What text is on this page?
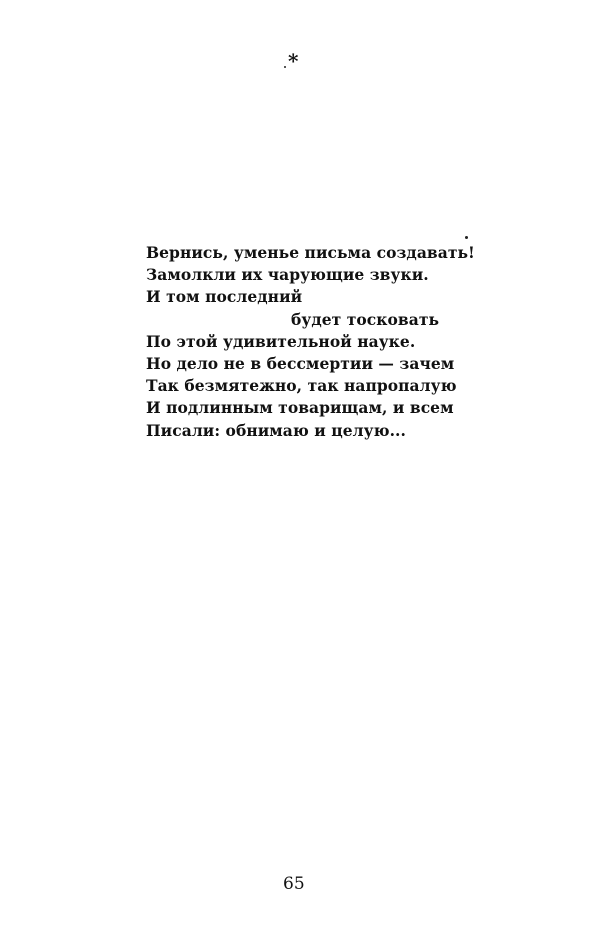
*
Вернись, уменье письма создавать!
Замолкли их чарующие звуки.
И том последний
будет тосковать
По этой удивительной науке.
Но дело не в бессмертии — зачем
Так безмятежно, так напропалую
И подлинным товарищам, и всем
Писали: обнимаю и целую...
65
